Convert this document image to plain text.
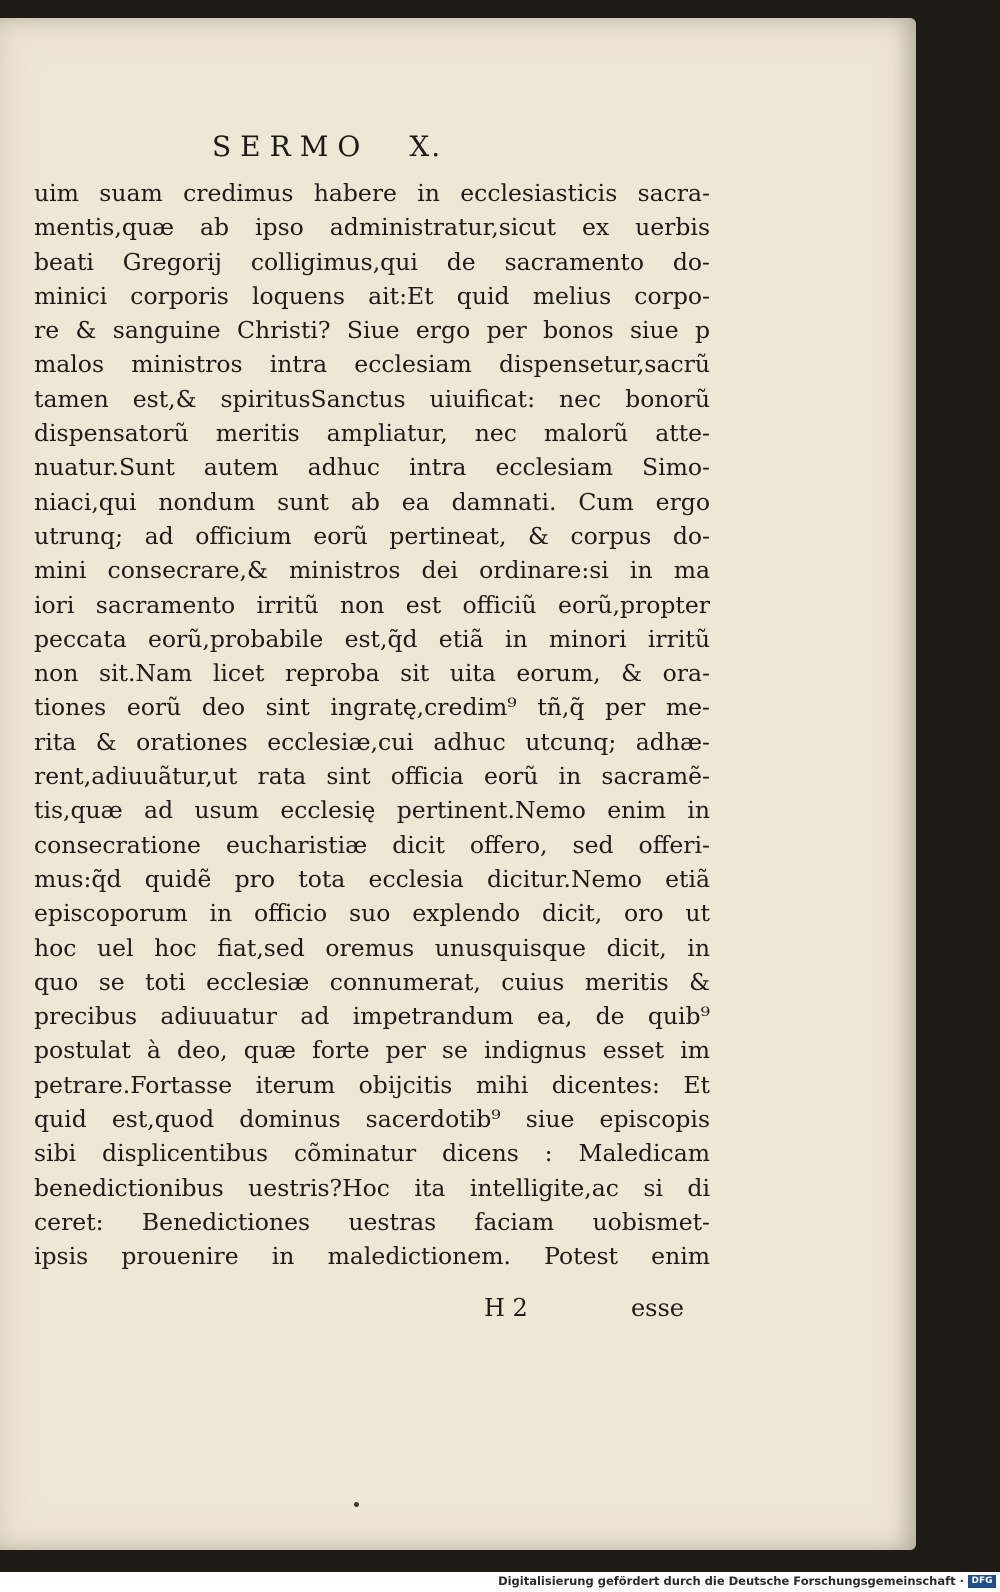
SERMO X.
uim suam credimus habere in ecclesiasticis sacra-
mentis,quæ ab ipso administratur,sicut ex uerbis
beati Gregorij colligimus,qui de sacramento do-
minici corporis loquens ait:Et quid melius corpo-
re & sanguine Christi? Siue ergo per bonos siue p
malos ministros intra ecclesiam dispensetur,sacrũ
tamen est,& spiritusSanctus uiuificat: nec bonorũ
dispensatorũ meritis ampliatur, nec malorũ atte-
nuatur.Sunt autem adhuc intra ecclesiam Simo-
niaci,qui nondum sunt ab ea damnati. Cum ergo
utrunq; ad officium eorũ pertineat, & corpus do-
mini consecrare,& ministros dei ordinare:si in ma
iori sacramento irritũ non est officiũ eorũ,propter
peccata eorũ,probabile est,q̃d etiã in minori irritũ
non sit.Nam licet reproba sit uita eorum, & ora-
tiones eorũ deo sint ingratę,credim⁹ tñ,q̃ per me-
rita & orationes ecclesiæ,cui adhuc utcunq; adhæ-
rent,adiuuãtur,ut rata sint officia eorũ in sacramẽ-
tis,quæ ad usum ecclesię pertinent.Nemo enim in
consecratione eucharistiæ dicit offero, sed offeri-
mus:q̃d quidẽ pro tota ecclesia dicitur.Nemo etiã
episcoporum in officio suo explendo dicit, oro ut
hoc uel hoc fiat,sed oremus unusquisque dicit, in
quo se toti ecclesiæ connumerat, cuius meritis &
precibus adiuuatur ad impetrandum ea, de quib⁹
postulat à deo, quæ forte per se indignus esset im
petrare.Fortasse iterum obijcitis mihi dicentes: Et
quid est,quod dominus sacerdotib⁹ siue episcopis
sibi displicentibus cõminatur dicens : Maledicam
benedictionibus uestris?Hoc ita intelligite,ac si di
ceret: Benedictiones uestras faciam uobismet-
ipsis prouenire in maledictionem. Potest enim
H 2	esse
Digitalisierung gefördert durch die Deutsche Forschungsgemeinschaft · DFG
